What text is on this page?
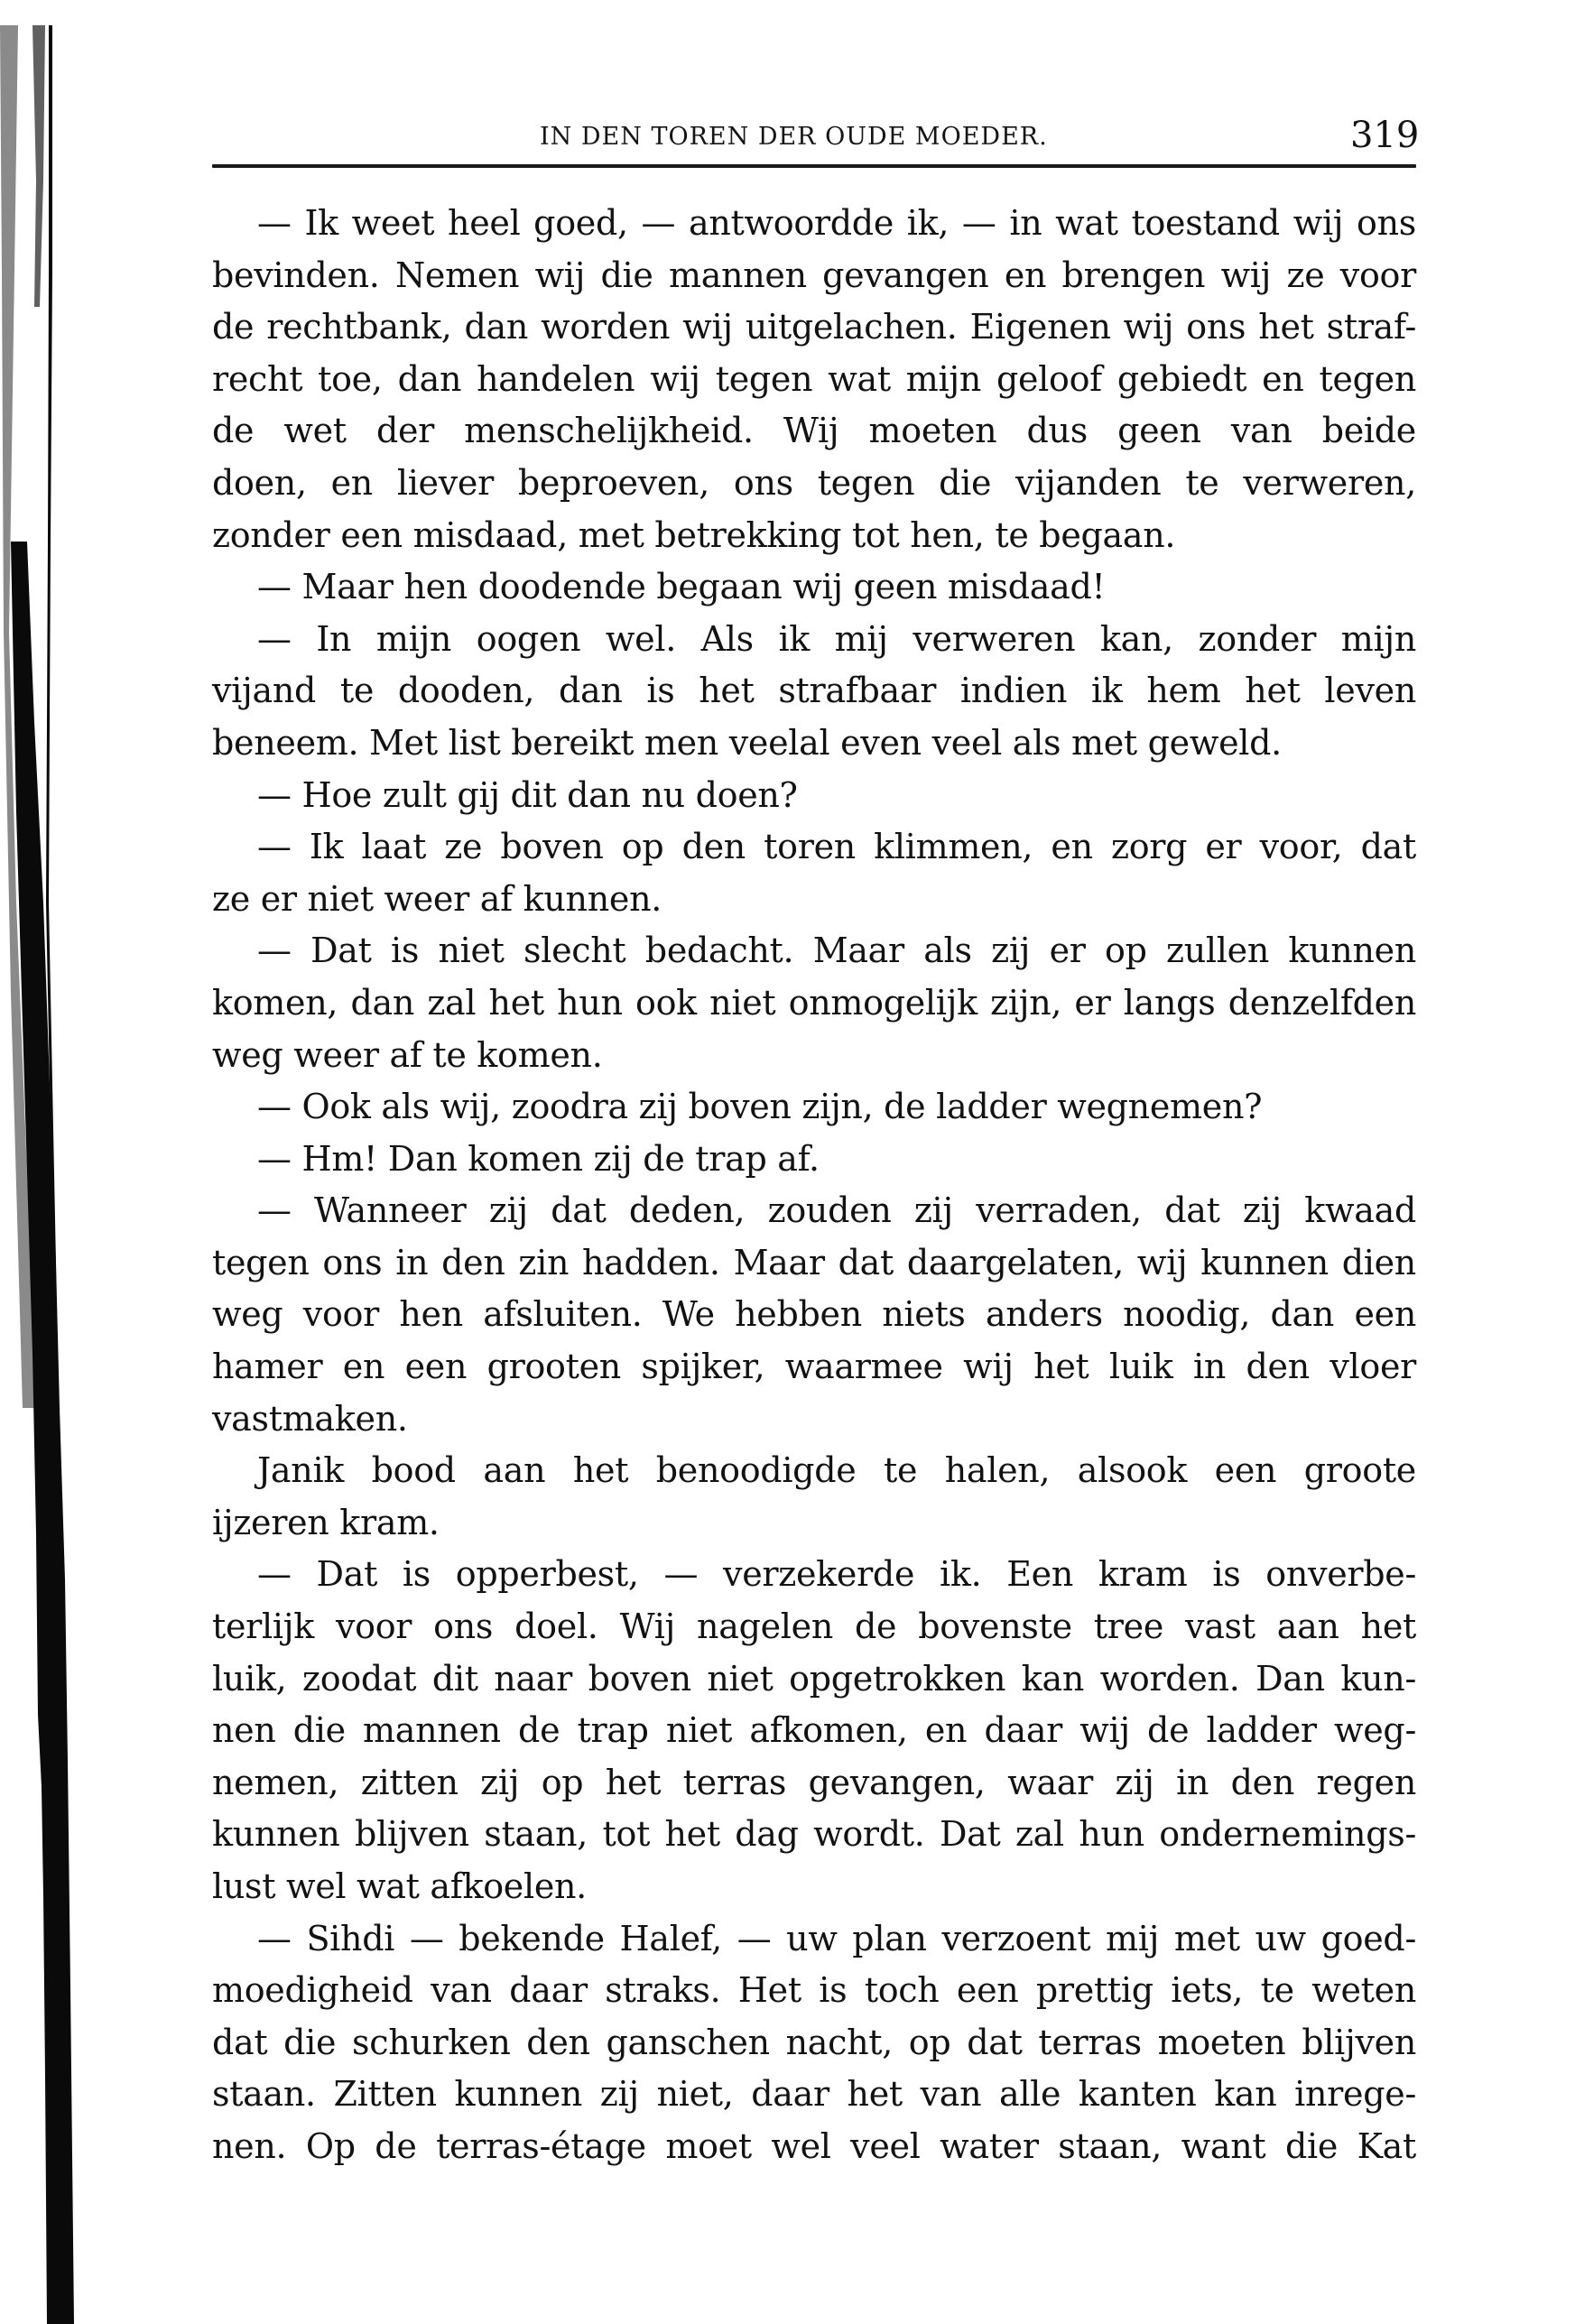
IN DEN TOREN DER OUDE MOEDER.	319
— Ik weet heel goed, — antwoordde ik, — in wat toestand wij ons
bevinden. Nemen wij die mannen gevangen en brengen wij ze voor
de rechtbank, dan worden wij uitgelachen. Eigenen wij ons het straf-
recht toe, dan handelen wij tegen wat mijn geloof gebiedt en tegen
de wet der menschelijkheid. Wij moeten dus geen van beide
doen, en liever beproeven, ons tegen die vijanden te verweren,
zonder een misdaad, met betrekking tot hen, te begaan.
— Maar hen doodende begaan wij geen misdaad!
— In mijn oogen wel. Als ik mij verweren kan, zonder mijn
vijand te dooden, dan is het strafbaar indien ik hem het leven
beneem. Met list bereikt men veelal even veel als met geweld.
— Hoe zult gij dit dan nu doen?
— Ik laat ze boven op den toren klimmen, en zorg er voor, dat
ze er niet weer af kunnen.
— Dat is niet slecht bedacht. Maar als zij er op zullen kunnen
komen, dan zal het hun ook niet onmogelijk zijn, er langs denzelfden
weg weer af te komen.
— Ook als wij, zoodra zij boven zijn, de ladder wegnemen?
— Hm! Dan komen zij de trap af.
— Wanneer zij dat deden, zouden zij verraden, dat zij kwaad
tegen ons in den zin hadden. Maar dat daargelaten, wij kunnen dien
weg voor hen afsluiten. We hebben niets anders noodig, dan een
hamer en een grooten spijker, waarmee wij het luik in den vloer
vastmaken.
Janik bood aan het benoodigde te halen, alsook een groote
ijzeren kram.
— Dat is opperbest, — verzekerde ik. Een kram is onverbe-
terlijk voor ons doel. Wij nagelen de bovenste tree vast aan het
luik, zoodat dit naar boven niet opgetrokken kan worden. Dan kun-
nen die mannen de trap niet afkomen, en daar wij de ladder weg-
nemen, zitten zij op het terras gevangen, waar zij in den regen
kunnen blijven staan, tot het dag wordt. Dat zal hun ondernemings-
lust wel wat afkoelen.
— Sihdi — bekende Halef, — uw plan verzoent mij met uw goed-
moedigheid van daar straks. Het is toch een prettig iets, te weten
dat die schurken den ganschen nacht, op dat terras moeten blijven
staan. Zitten kunnen zij niet, daar het van alle kanten kan inrege-
nen. Op de terras-étage moet wel veel water staan, want die Kat
